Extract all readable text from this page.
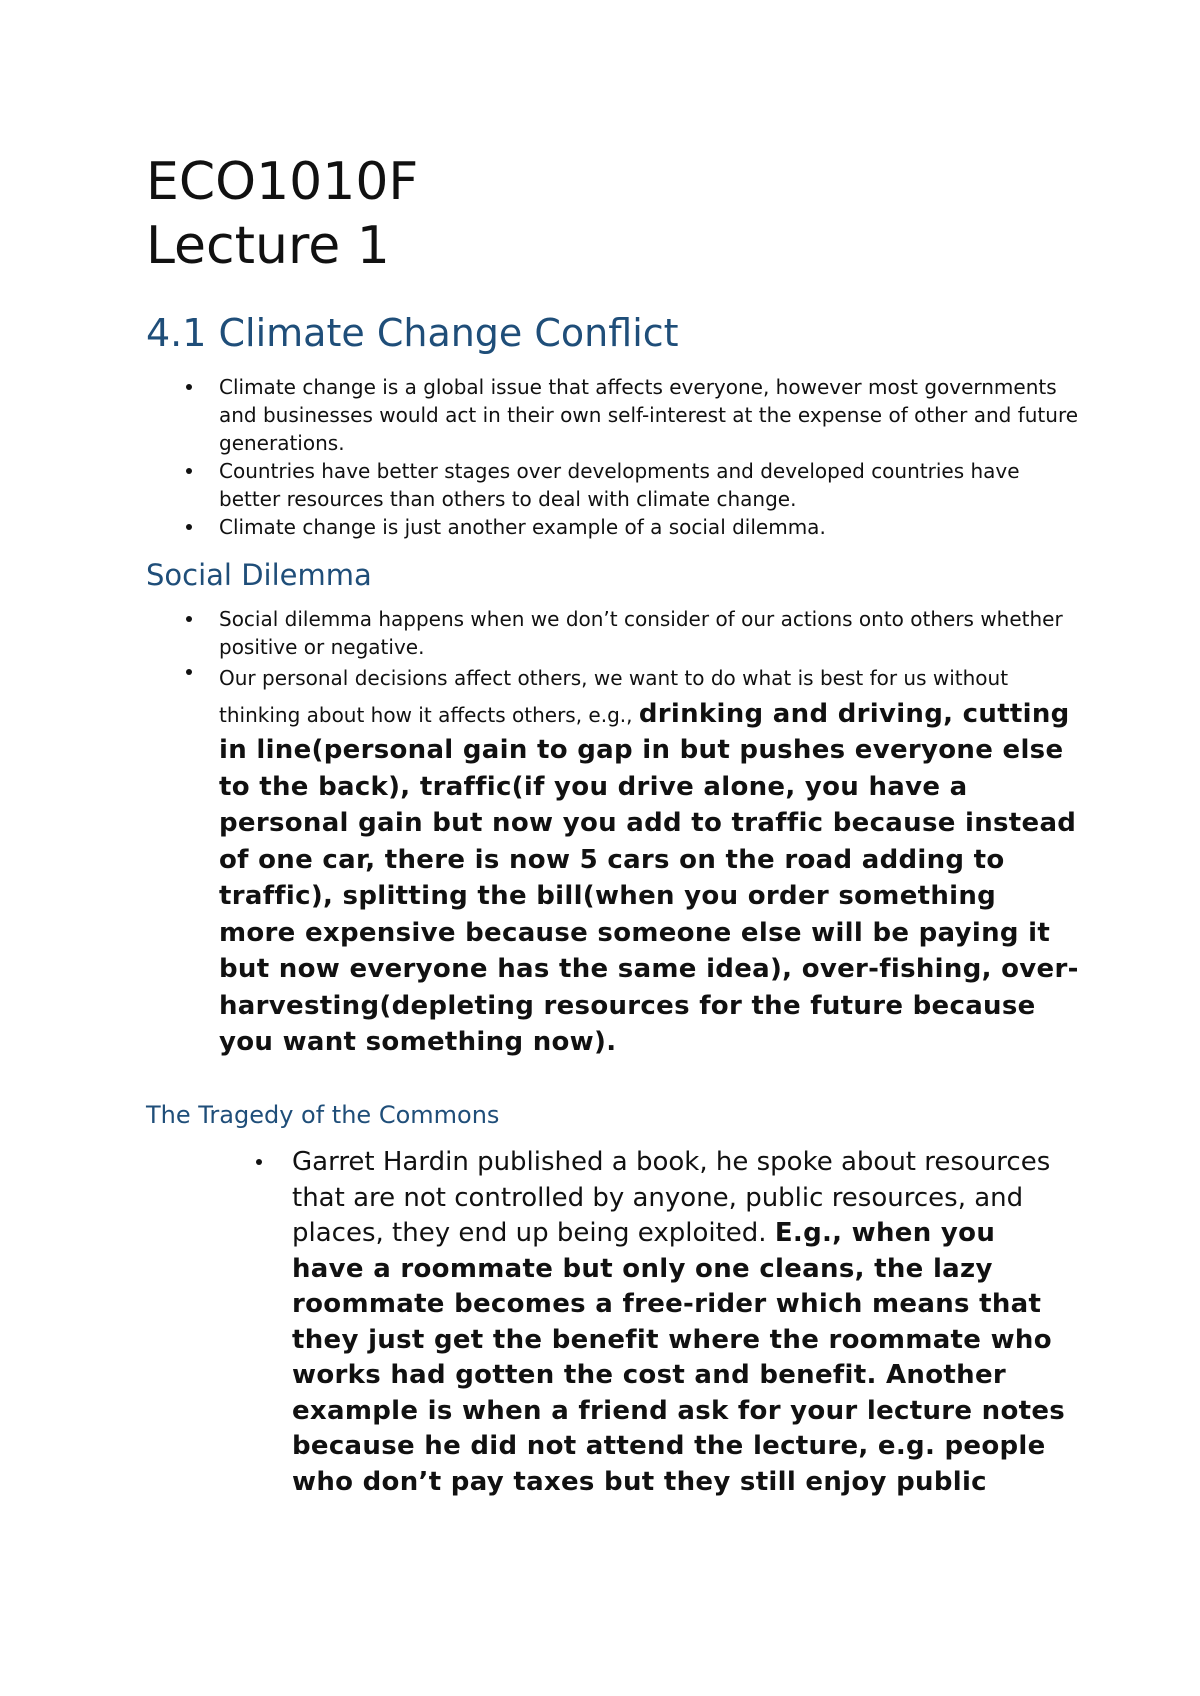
ECO1010F
Lecture 1
4.1 Climate Change Conflict
Climate change is a global issue that affects everyone, however most governments and businesses would act in their own self-interest at the expense of other and future generations.
Countries have better stages over developments and developed countries have better resources than others to deal with climate change.
Climate change is just another example of a social dilemma.
Social Dilemma
Social dilemma happens when we don’t consider of our actions onto others whether positive or negative.
Our personal decisions affect others, we want to do what is best for us without thinking about how it affects others, e.g., drinking and driving, cutting in line(personal gain to gap in but pushes everyone else to the back), traffic(if you drive alone, you have a personal gain but now you add to traffic because instead of one car, there is now 5 cars on the road adding to traffic), splitting the bill(when you order something more expensive because someone else will be paying it but now everyone has the same idea), over-fishing, over-harvesting(depleting resources for the future because you want something now).
The Tragedy of the Commons
Garret Hardin published a book, he spoke about resources that are not controlled by anyone, public resources, and places, they end up being exploited. E.g., when you have a roommate but only one cleans, the lazy roommate becomes a free-rider which means that they just get the benefit where the roommate who works had gotten the cost and benefit. Another example is when a friend ask for your lecture notes because he did not attend the lecture, e.g. people who don’t pay taxes but they still enjoy public
